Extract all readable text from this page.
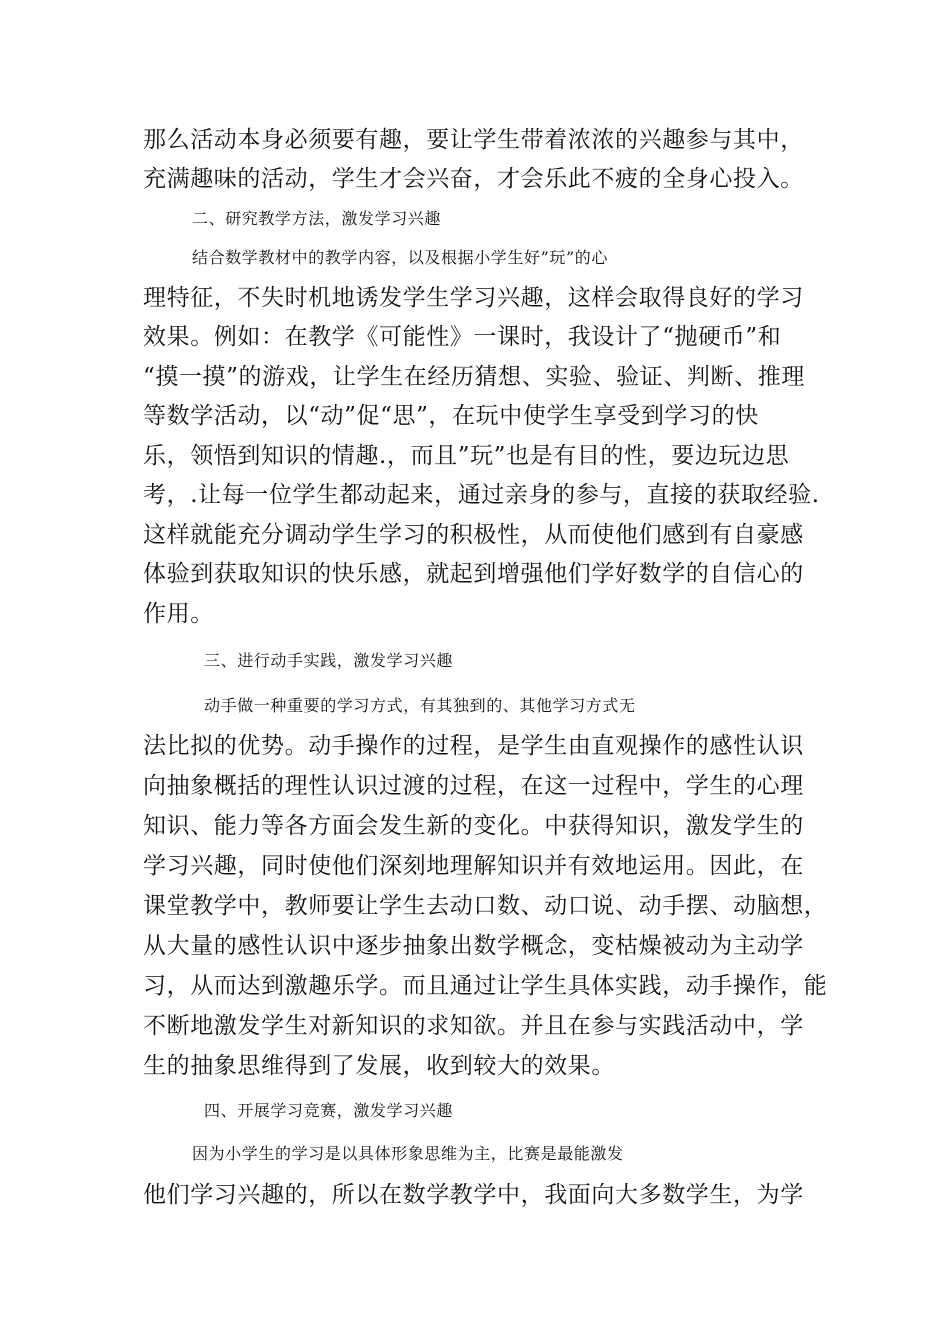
那么活动本身必须要有趣，要让学生带着浓浓的兴趣参与其中，
充满趣味的活动，学生才会兴奋，才会乐此不疲的全身心投入。
二、研究教学方法，激发学习兴趣
结合数学教材中的教学内容，以及根据小学生好”玩”的心
理特征，不失时机地诱发学生学习兴趣，这样会取得良好的学习
效果。例如：在教学《可能性》一课时，我设计了“抛硬币”和
“摸一摸”的游戏，让学生在经历猜想、实验、验证、判断、推理
等数学活动，以“动”促“思”，在玩中使学生享受到学习的快
乐，领悟到知识的情趣.，而且”玩”也是有目的性，要边玩边思
考，.让每一位学生都动起来，通过亲身的参与，直接的获取经验.
这样就能充分调动学生学习的积极性，从而使他们感到有自豪感
体验到获取知识的快乐感，就起到增强他们学好数学的自信心的
作用。
三、进行动手实践，激发学习兴趣
动手做一种重要的学习方式，有其独到的、其他学习方式无
法比拟的优势。动手操作的过程，是学生由直观操作的感性认识
向抽象概括的理性认识过渡的过程，在这一过程中，学生的心理
知识、能力等各方面会发生新的变化。中获得知识，激发学生的
学习兴趣，同时使他们深刻地理解知识并有效地运用。因此，在
课堂教学中，教师要让学生去动口数、动口说、动手摆、动脑想，
从大量的感性认识中逐步抽象出数学概念，变枯燥被动为主动学
习，从而达到激趣乐学。而且通过让学生具体实践，动手操作，能
不断地激发学生对新知识的求知欲。并且在参与实践活动中，学
生的抽象思维得到了发展，收到较大的效果。
四、开展学习竞赛，激发学习兴趣
因为小学生的学习是以具体形象思维为主，比赛是最能激发
他们学习兴趣的，所以在数学教学中，我面向大多数学生，为学
